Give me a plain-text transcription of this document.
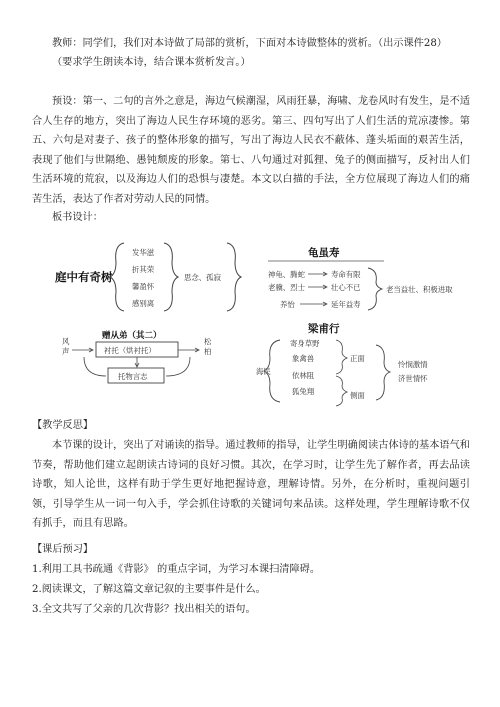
教师：同学们，我们对本诗做了局部的赏析，下面对本诗做整体的赏析。（出示课件28）

（要求学生朗读本诗，结合课本赏析发言。）

预设：第一、二句的言外之意是，海边气候潮湿，风雨狂暴，海啸、龙卷风时有发生，是不适合人生存的地方，突出了海边人民生存环境的恶劣。第三、四句写出了人们生活的荒凉凄惨。第五、六句是对妻子、孩子的整体形象的描写，写出了海边人民衣不蔽体、蓬头垢面的艰苦生活，表现了他们与世隔绝、愚钝颓废的形象。第七、八句通过对狐狸、兔子的侧面描写，反衬出人们生活环境的荒寂，以及海边人们的恐惧与凄楚。本文以白描的手法，全方位展现了海边人们的痛苦生活，表达了作者对劳动人民的同情。

板书设计：

庭中有奇树
发华滋
折其荣
馨盈怀
感别离
思念、孤寂
龟虽寿
神龟、腾蛇
老骥、烈士
养怡
寿命有限
壮心不已
延年益寿
老当益壮、积极进取
赠从弟（其二）
风
声	衬托（烘衬托）
松
柏
托物言志
梁甫行
海民
寄身草野
象禽兽
依林阻
狐兔翔
正面
侧面
怜悯激情
济世情怀

【教学反思】

本节课的设计，突出了对诵读的指导。通过教师的指导，让学生明确阅读古体诗的基本语气和节奏，帮助他们建立起朗读古诗词的良好习惯。其次，在学习时，让学生先了解作者，再去品读诗歌，知人论世，这样有助于学生更好地把握诗意，理解诗情。另外，在分析时，重视问题引领，引导学生从一词一句入手，学会抓住诗歌的关键词句来品读。这样处理，学生理解诗歌不仅有抓手，而且有思路。

【课后预习】

1.利用工具书疏通《背影》 的重点字词，为学习本课扫清障碍。

2.阅读课文，了解这篇文章记叙的主要事件是什么。

3.全文共写了父亲的几次背影？找出相关的语句。
